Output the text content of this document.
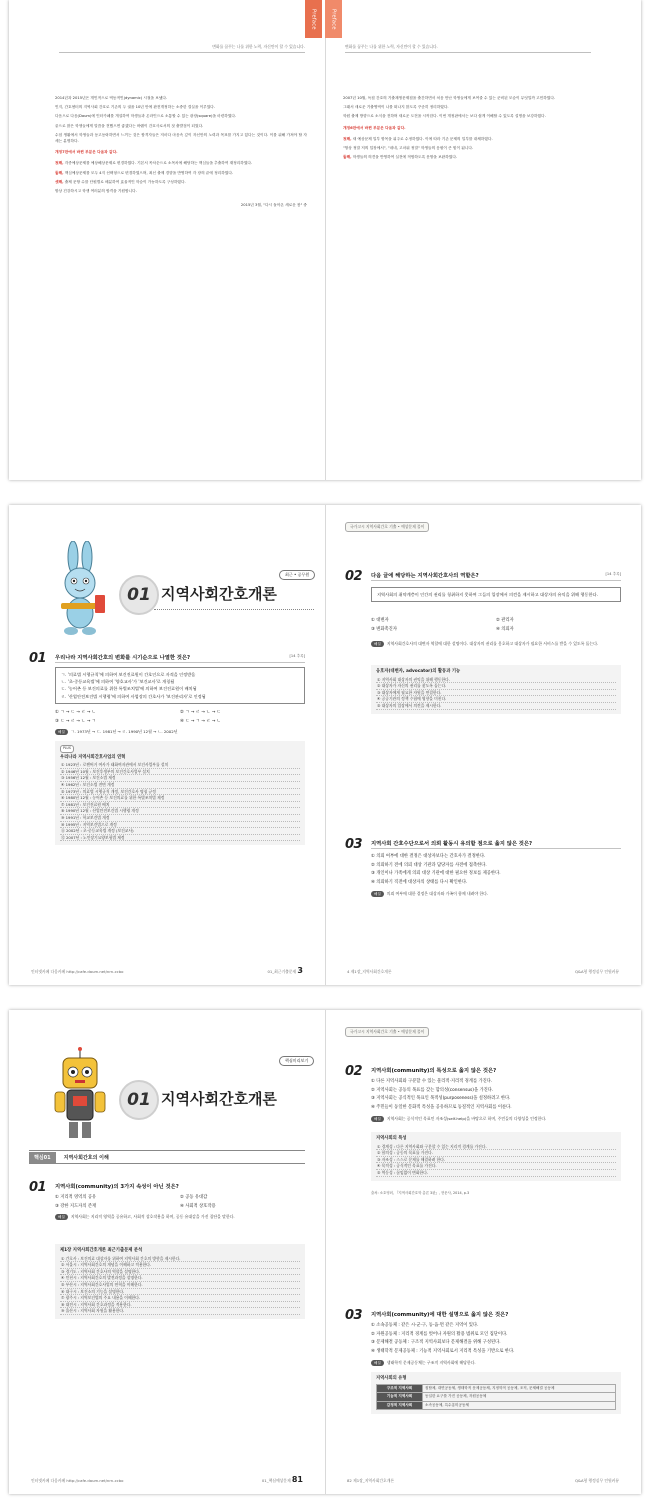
변화를 꿈꾸는 나를 위한 노력, 자신만이 할 수 있습니다.
Preface

2014년과 2015년은 개인적으로 역동적인(dynamic) 시절을 보냈다.

인지, 간호센터의 지역사회 간호로 기존의 두 권을 10년 만에 완전개정하는 소중한 결실을 이루었다.

다음으로 다음(Daum)에 인터카페를 개설하여 학생들과 온라인으로 소통할 수 있는 광장(square)을 마련하였다.

끝으로 많은 학생들에게 말씀을 전했으면 좋겠다는 바램이 간호사로서의 첫 출발점이 되었다.

수험 생활에서 학생들과 동고동락하면서 느끼는 것은 합격자들은 저마다 마음속 깊이 자신만의 노력과 목표를 가지고 있다는 것이다. 이를 위해 가져야 할 자세는 분명하다.

개정7판에서 바뀐 부분은 다음과 같다.

첫째, 각종예상문제를 예상해상문제로 변경하였다. 기본서 목차순으로 소목차에 해당하는 핵심들을 추출하여 재정리하였다.

둘째, 핵심예상문제를 모두 4지 선택형으로 변경하였으며, 최신 출제 경향을 반영하여 각 장의 끝에 정리하였다.

셋째, 출제 문항 수를 단원별로 배분하여 효율적인 학습이 가능하도록 구성하였다.

항상 건강하시고 학생 여러분의 합격을 기원합니다.

2015년 3월, "다시 돌아온 새로운 봄" 중
변화를 꿈꾸는 나를 위한 노력, 자신만이 할 수 있습니다.
Preface

2007년 10월, 독집 간호의 기출재생문제집을 출간하면서 처음 만난 학생들에게 보여줄 수 있는 준비된 모습이 무엇일까 고민하였다.

그래서 새로운 기출영역이 나를 떠나지 않도록 꾸준히 정리하였다.

학원 출제 방향으로 소식을 전하며 새로운 도전을 시작한다. 이번 개정판에서는 보다 쉽게 이해할 수 있도록 설명을 보강하였다.

개정6판에서 바뀐 부분은 다음과 같다.

첫째, 새 예상문제 일부 항목을 위주로 수정하였다. 이에 따라 기존 문제의 일부를 대체하였다.

"항상 정말 저의 입장에서", "네네, 고마워 정말" 학생들의 응원이 큰 힘이 됩니다.

둘째, 학생들의 의견을 반영하여 실전에 적합하도록 문항을 보완하였다.

01 지역사회간호개론
최근 • 공무원
01 우리나라 지역사회간호의 변화를 시기순으로 나열한 것은?	[14 추록]
ㄱ. '의료법 시행규칙'에 의하여 보건진료원이 간호인으로 자격을 인정받음
ㄴ. '초·중등교육법'에 의하여 '양호교사'가 '보건교사'로 개칭됨
ㄷ. '농어촌 등 보건의료를 위한 특별조치법'에 의하여 보건진료원이 배치됨
ㄹ. '산업안전보건법 시행령'에 의하여 사업장의 간호사가 '보건관리자'로 인정됨
① ㄱ → ㄷ → ㄹ → ㄴ	② ㄱ → ㄹ → ㄴ → ㄷ
③ ㄷ → ㄹ → ㄴ → ㄱ	④ ㄷ → ㄱ → ㄹ → ㄴ
해설 ㄱ. 1973년 → ㄷ. 1981년 → ㄹ. 1990년 12월 → ㄴ. 2002년
PLUS
우리나라 지역사회간호사업의 연혁
① 1923년 : 로젠버거 여사가 태화여자관에서 보건사업부를 설치
② 1946년 10월 : 보건후생부의 보건간호사업부 설치
③ 1956년 12월 : 보건소법 제정
④ 1962년 : 보건소법 전면 개정
⑤ 1973년 : 의료법 시행규칙 개정, 보건간호사 명칭 규정
⑥ 1980년 12월 : 농어촌 등 보건의료를 위한 특별조치법 제정
⑦ 1981년 : 보건진료원 배치
⑧ 1990년 12월 : 산업안전보건법 시행령 개정
⑨ 1991년 : 학교보건법 개정
⑩ 1995년 : 지역보건법으로 개정
⑪ 2002년 : 초·중등교육법 개정 (보건교사)
⑫ 2007년 : 노인장기요양보험법 제정
인터넷카페 다음카페 http://cafe.daum.net/nrn-ccbo	01_최근기출문제 3
국가고시 지역사회간호 기출 • 예상문제 풀이
02 다음 글에 해당하는 지역사회간호사의 역할은?	[14 추록]
지역사회의 취약계층이 인간의 권리를 청취하지 못하여 그들의 입장에서 의견을 제시하고 대상자의 유익을 위해 행동한다.
① 대변자	② 관리자
③ 변화촉진자	④ 의뢰자
해설 지역사회간호사의 대변자 역할에 대한 설명이다. 대상자의 권리를 옹호하고 대상자가 필요한 서비스를 받을 수 있도록 돕는다.
옹호자(대변자, advocator)의 활동과 기능
① 지역사회 대상자의 권익을 위해 행동한다.
② 대상자가 자신의 권리를 찾도록 돕는다.
③ 대상자에게 필요한 자원을 연결한다.
④ 공공기관의 정책 수립에 영향을 미친다.
⑤ 대상자의 입장에서 의견을 제시한다.
03 지역사회 간호수단으로서 의뢰 활동시 유의할 점으로 옳지 않은 것은?
① 의뢰 여부에 대한 결정은 대상자보다는 간호사가 결정한다.
② 의뢰하기 전에 의뢰 대상 기관과 담당자를 사전에 접촉한다.
③ 개인이나 가족에게 의뢰 대상 기관에 대한 필요한 정보를 제공한다.
④ 의뢰하기 직전에 대상자의 상태를 다시 확인한다.
해설 의뢰 여부에 대한 결정은 대상자와 가족이 함께 내려야 한다.
4 제1장_지역사회간호개론	Q&A형 행정실무 인원커뮤
01 지역사회간호개론
핵심미리보기
핵심01	지역사회간호의 이해
01 지역사회(community)의 3가지 속성이 아닌 것은?
① 지리적 영역의 공유	② 공동 유대감
③ 강한 지도자의 존재	④ 사회적 상호작용
해설 지역사회는 지리적 영역을 공유하고, 사회적 상호작용을 하며, 공동 유대감을 가진 집단을 말한다.
제1장 지역사회간호개론 최근기출문제 분석
① 간호사 : 보건의료 대상자를 위하여 지역사회 간호의 방향을 제시한다.
② 서울시 : 지역사회간호의 개념을 이해하고 적용한다.
③ 경기도 : 지역사회 간호사의 역할을 설명한다.
④ 인천시 : 지역사회간호의 발전과정을 설명한다.
⑤ 부산시 : 지역사회간호사업의 연혁을 이해한다.
⑥ 대구시 : 보건소의 기능을 설명한다.
⑦ 광주시 : 지역보건법의 주요 내용을 이해한다.
⑧ 대전시 : 지역사회 간호과정을 적용한다.
⑨ 울산시 : 지역사회 자원을 활용한다.
인터넷카페 다음카페 http://cafe.daum.net/nrn-ccbo	01_핵심예상문제 81
국가고시 지역사회간호 기출 • 예상문제 풀이
02 지역사회(community)의 특성으로 옳지 않은 것은?
① 다른 지역사회와 구분할 수 있는 물리적·지리적 경계를 가진다.
② 지역사회는 공동의 목표를 갖는 합의성(consensus)을 가진다.
③ 지역사회는 공식적인 목표인 목적성(purposeness)을 설정하려고 한다.
④ 주민들이 동일한 문화적 특성을 공유하므로 동질적인 지역사회를 이룬다.
해설 지역사회는 공식적인 목표인 자조성(self-help)을 바탕으로 하며, 주민들의 다양성을 인정한다.
지역사회의 특성
① 경계성 : 다른 지역사회와 구분할 수 있는 지리적 경계를 가진다.
② 합의성 : 공동의 목표를 가진다.
③ 자조성 : 스스로 문제를 해결하려 한다.
④ 목적성 : 공식적인 목표를 가진다.
⑤ 역동성 : 끊임없이 변화한다.
출처: 소호영외, 『지역사회간호학 총론 3판』, 현문사, 2014, p.3
03 지역사회(community)에 대한 설명으로 옳지 않은 것은?
① 소속공동체 : 같은 시·군·구, 동·읍·면 같은 지역이 있다.
② 자원공동체 : 지리적 경계를 벗어나 자원의 활용 범위로 모인 집단이다.
③ 문제해결 공동체 : 구조적 지역사회보다 문제해결을 위해 구성된다.
④ 생태학적 문제공동체 : 기능적 지역사회로서 지리적 특성을 기반으로 한다.
해설 생태학적 문제공동체는 구조적 지역사회에 해당한다.
지역사회의 유형
구조적 지역사회	집합체, 대면공동체, 생태학적 문제공동체, 지정학적 공동체, 조직, 문제해결 공동체
기능적 지역사회	동일한 요구를 가진 공동체, 자원공동체
감정적 지역사회	소속공동체, 특수흥미공동체
82 제1장_지역사회간호개론	Q&A형 행정실무 인원커뮤
